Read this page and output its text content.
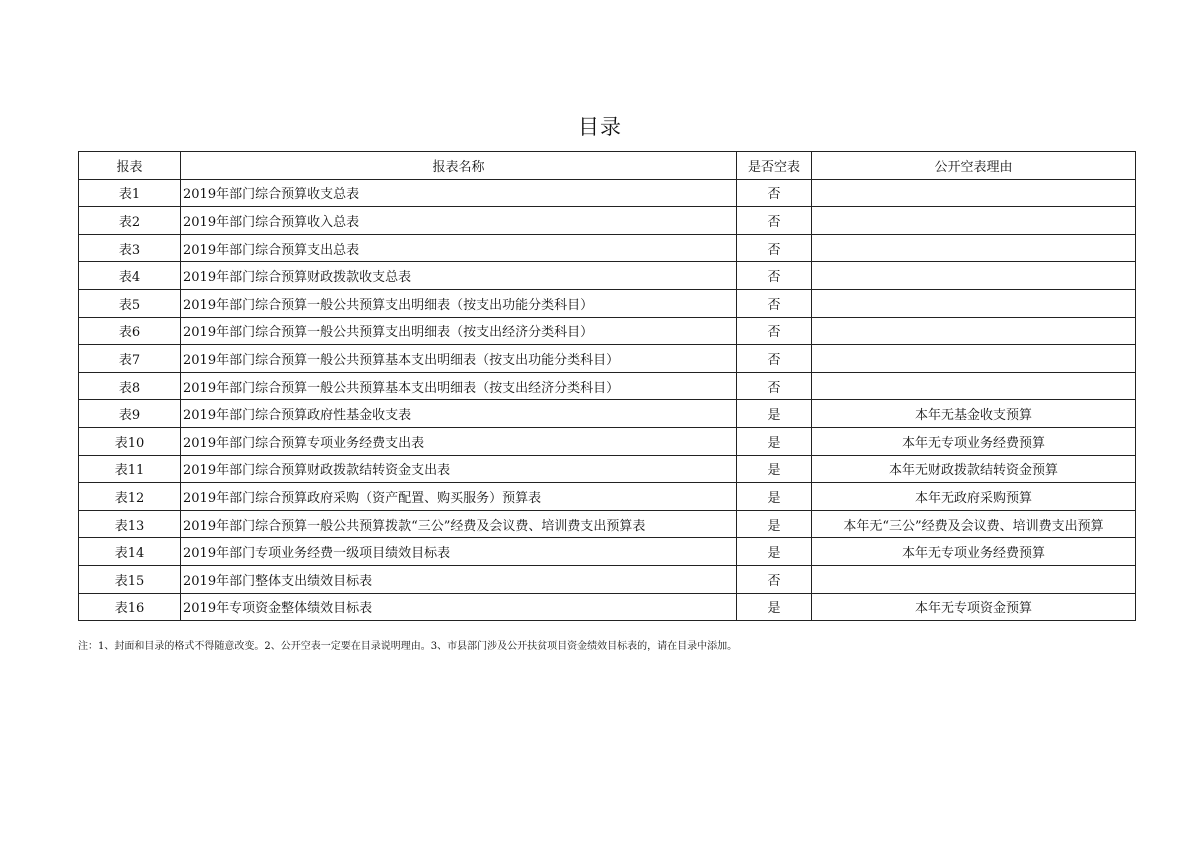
目录
报表	报表名称	是否空表	公开空表理由
表1	2019年部门综合预算收支总表	否	
表2	2019年部门综合预算收入总表	否	
表3	2019年部门综合预算支出总表	否	
表4	2019年部门综合预算财政拨款收支总表	否	
表5	2019年部门综合预算一般公共预算支出明细表（按支出功能分类科目）	否	
表6	2019年部门综合预算一般公共预算支出明细表（按支出经济分类科目）	否	
表7	2019年部门综合预算一般公共预算基本支出明细表（按支出功能分类科目）	否	
表8	2019年部门综合预算一般公共预算基本支出明细表（按支出经济分类科目）	否	
表9	2019年部门综合预算政府性基金收支表	是	本年无基金收支预算
表10	2019年部门综合预算专项业务经费支出表	是	本年无专项业务经费预算
表11	2019年部门综合预算财政拨款结转资金支出表	是	本年无财政拨款结转资金预算
表12	2019年部门综合预算政府采购（资产配置、购买服务）预算表	是	本年无政府采购预算
表13	2019年部门综合预算一般公共预算拨款“三公”经费及会议费、培训费支出预算表	是	本年无“三公”经费及会议费、培训费支出预算
表14	2019年部门专项业务经费一级项目绩效目标表	是	本年无专项业务经费预算
表15	2019年部门整体支出绩效目标表	否	
表16	2019年专项资金整体绩效目标表	是	本年无专项资金预算
注：1、封面和目录的格式不得随意改变。2、公开空表一定要在目录说明理由。3、市县部门涉及公开扶贫项目资金绩效目标表的，请在目录中添加。
